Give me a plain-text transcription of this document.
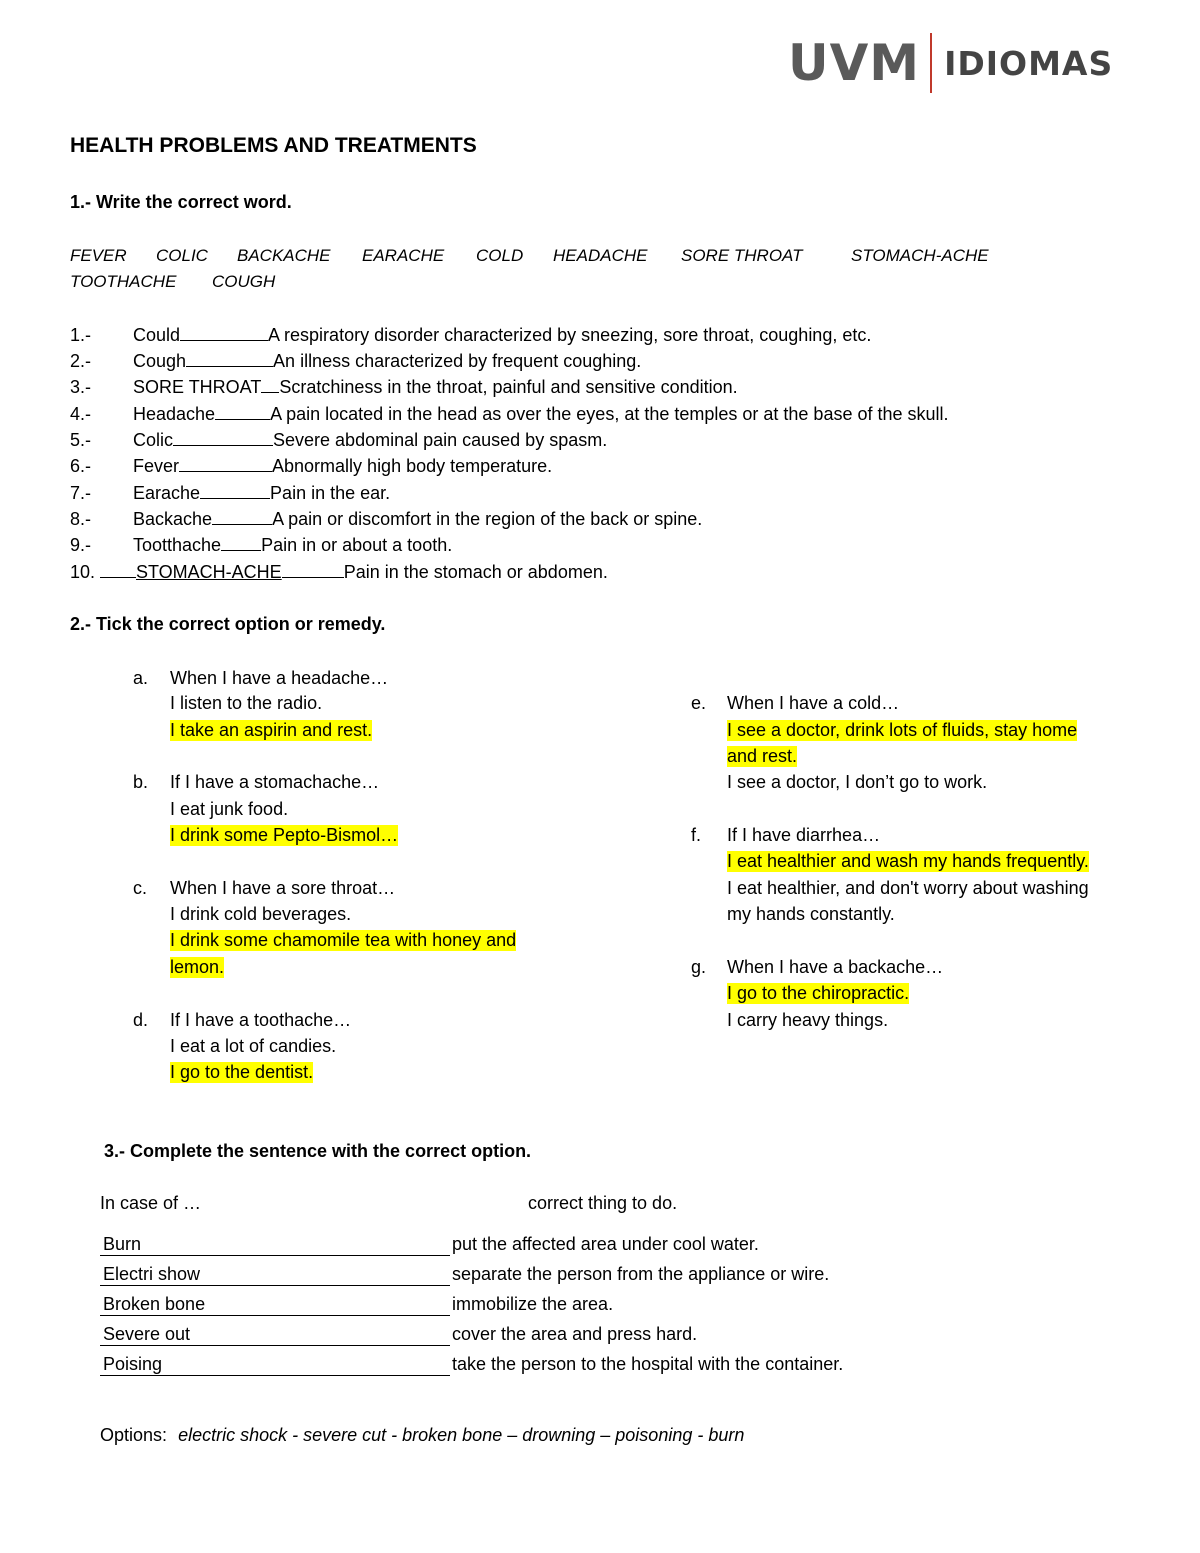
UVM IDIOMAS
HEALTH PROBLEMS AND TREATMENTS
1.- Write the correct word.
FEVER COLIC BACKACHE EARACHE COLD HEADACHE SORE THROAT	STOMACH-ACHE
TOOTHACHE COUGH
1.- Could	A respiratory disorder characterized by sneezing, sore throat, coughing, etc.
2.- Cough	An illness characterized by frequent coughing.
3.- SORE THROAT Scratchiness in the throat, painful and sensitive condition.
4.- Headache	A pain located in the head as over the eyes, at the temples or at the base of the skull.
5.- Colic	Severe abdominal pain caused by spasm.
6.- Fever	Abnormally high body temperature.
7.- Earache	Pain in the ear.
8.- Backache	A pain or discomfort in the region of the back or spine.
9.- Tootthache Pain in or about a tooth.
10.	STOMACH-ACHE	Pain in the stomach or abdomen.
2.- Tick the correct option or remedy.
a. When I have a headache…
I listen to the radio.
I take an aspirin and rest.
b. If I have a stomachache…
I eat junk food.
I drink some Pepto-Bismol…
c. When I have a sore throat…
I drink cold beverages.
I drink some chamomile tea with honey and
lemon.
d. If I have a toothache…
I eat a lot of candies.
I go to the dentist.
e. When I have a cold…
I see a doctor, drink lots of fluids, stay home
and rest.
I see a doctor, I don’t go to work.
f. If I have diarrhea…
I eat healthier and wash my hands frequently.
I eat healthier, and don't worry about washing
my hands constantly.
g. When I have a backache…
I go to the chiropractic.
I carry heavy things.
3.- Complete the sentence with the correct option.
In case of …	correct thing to do.
Burn	put the affected area under cool water.
Electri show	separate the person from the appliance or wire.
Broken bone	immobilize the area.
Severe out	cover the area and press hard.
Poising	take the person to the hospital with the container.
Options: electric shock - severe cut - broken bone – drowning – poisoning - burn
